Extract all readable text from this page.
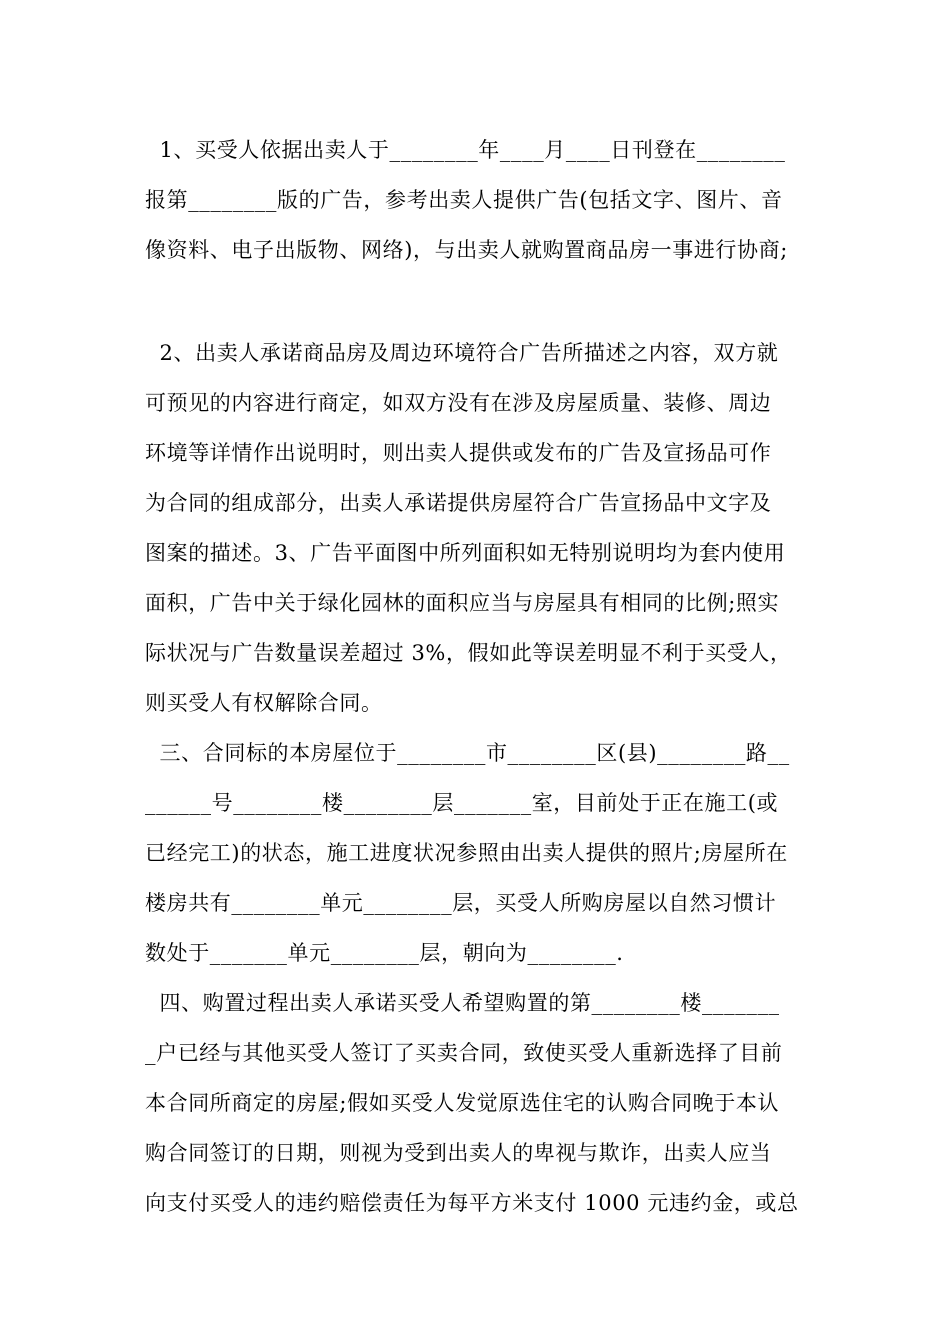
1、买受人依据出卖人于________年____月____日刊登在________
报第________版的广告，参考出卖人提供广告(包括文字、图片、音
像资料、电子出版物、网络)，与出卖人就购置商品房一事进行协商;
2、出卖人承诺商品房及周边环境符合广告所描述之内容，双方就
可预见的内容进行商定，如双方没有在涉及房屋质量、装修、周边
环境等详情作出说明时，则出卖人提供或发布的广告及宣扬品可作
为合同的组成部分，出卖人承诺提供房屋符合广告宣扬品中文字及
图案的描述。3、广告平面图中所列面积如无特别说明均为套内使用
面积，广告中关于绿化园林的面积应当与房屋具有相同的比例;照实
际状况与广告数量误差超过 3%，假如此等误差明显不利于买受人，
则买受人有权解除合同。
三、合同标的本房屋位于________市________区(县)________路__
______号________楼________层_______室，目前处于正在施工(或
已经完工)的状态，施工进度状况参照由出卖人提供的照片;房屋所在
楼房共有________单元________层，买受人所购房屋以自然习惯计
数处于_______单元________层，朝向为________.
四、购置过程出卖人承诺买受人希望购置的第________楼_______
_户已经与其他买受人签订了买卖合同，致使买受人重新选择了目前
本合同所商定的房屋;假如买受人发觉原选住宅的认购合同晚于本认
购合同签订的日期，则视为受到出卖人的卑视与欺诈，出卖人应当
向支付买受人的违约赔偿责任为每平方米支付 1000 元违约金，或总
